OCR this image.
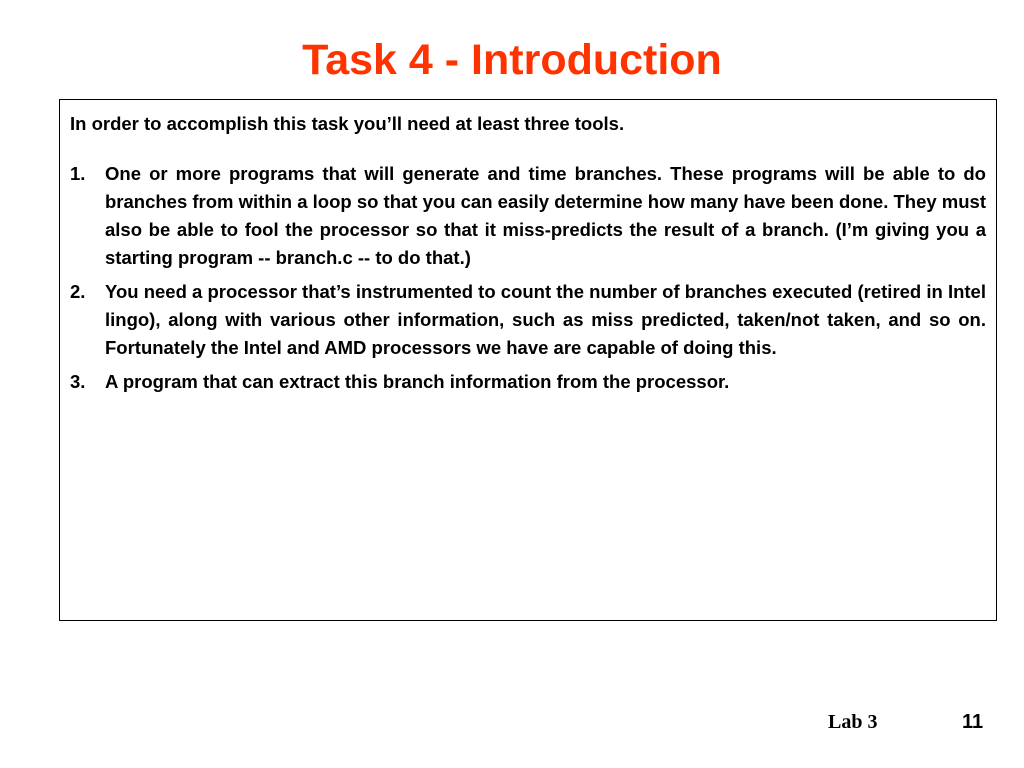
Task 4 - Introduction

In order to accomplish this task you’ll need at least three tools.

1.	One or more programs that will generate and time branches. These programs will be able to do branches from within a loop so that you can easily determine how many have been done. They must also be able to fool the processor so that it miss-predicts the result of a branch. (I’m giving you a starting program -- branch.c -- to do that.)
2.	You need a processor that’s instrumented to count the number of branches executed (retired in Intel lingo), along with various other information, such as miss predicted, taken/not taken, and so on. Fortunately the Intel and AMD processors we have are capable of doing this.
3.	A program that can extract this branch information from the processor.
Lab 3	11
